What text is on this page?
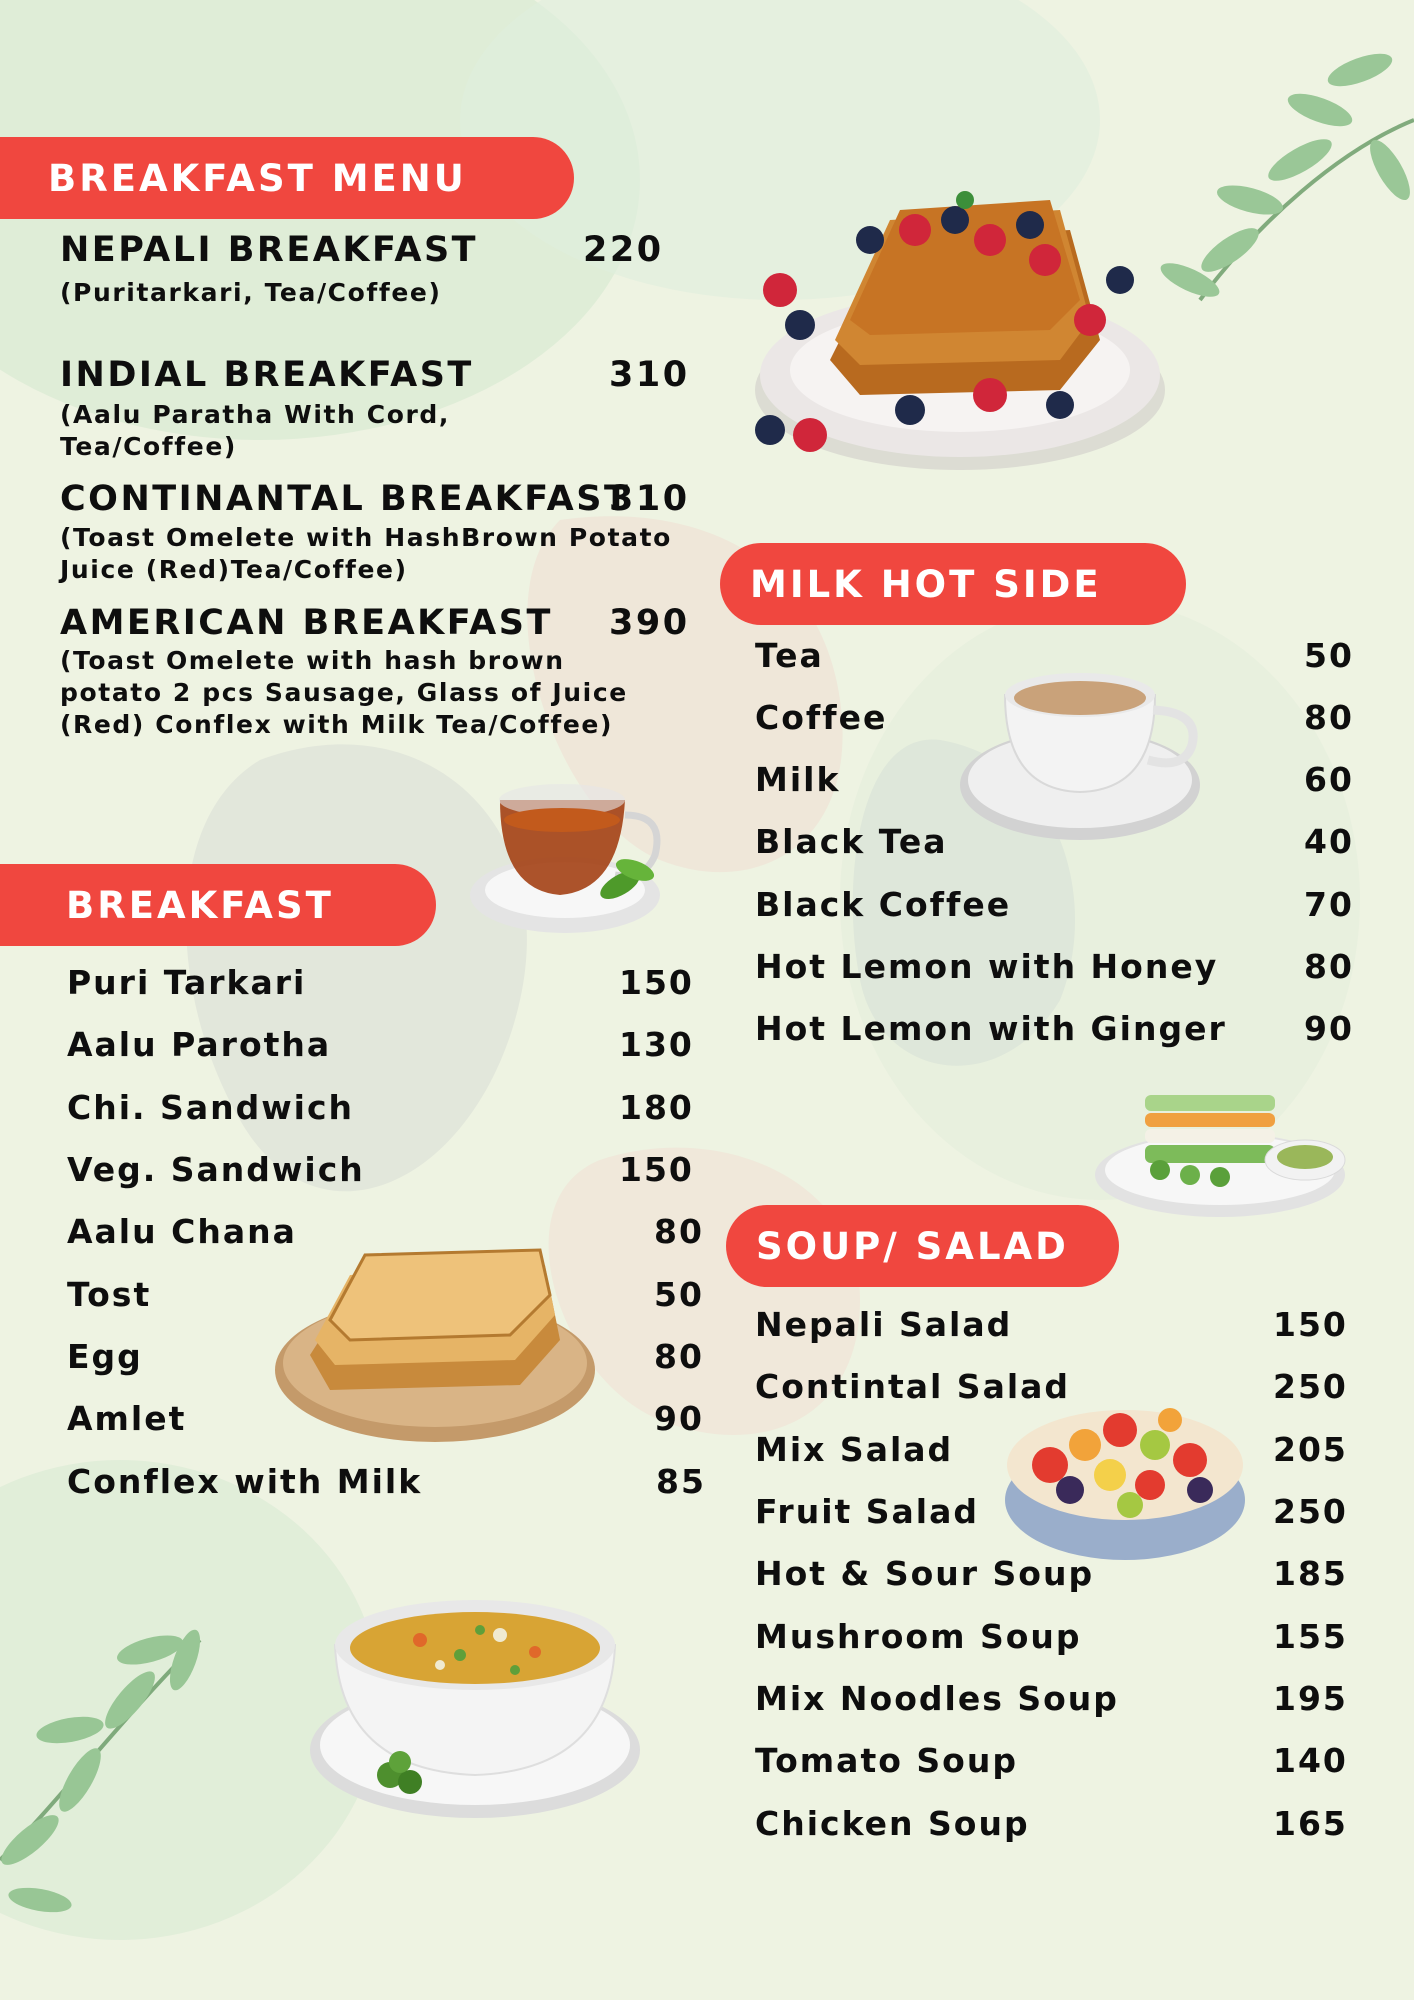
BREAKFAST MENU
NEPALI BREAKFAST	220
(Puritarkari, Tea/Coffee)
INDIAL BREAKFAST	310
(Aalu Paratha With Cord,
Tea/Coffee)
CONTINANTAL BREAKFAST
310
(Toast Omelete with HashBrown Potato
Juice (Red)Tea/Coffee)
AMERICAN BREAKFAST 390
(Toast Omelete with hash brown
potato 2 pcs Sausage, Glass of Juice
(Red) Conflex with Milk Tea/Coffee)
BREAKFAST
Puri Tarkari	150
Aalu Parotha	130
Chi. Sandwich	180
Veg. Sandwich	150
Aalu Chana	80
Tost	50
Egg	80
Amlet	90
Conflex with Milk	85
MILK HOT SIDE
Tea	50
Coffee	80
Milk	60
Black Tea	40
Black Coffee	70
Hot Lemon with Honey	80
Hot Lemon with Ginger 90
SOUP/ SALAD
Nepali Salad	150
Contintal Salad	250
Mix Salad	205
Fruit Salad	250
Hot & Sour Soup	185
Mushroom Soup	155
Mix Noodles Soup	195
Tomato Soup	140
Chicken Soup	165
